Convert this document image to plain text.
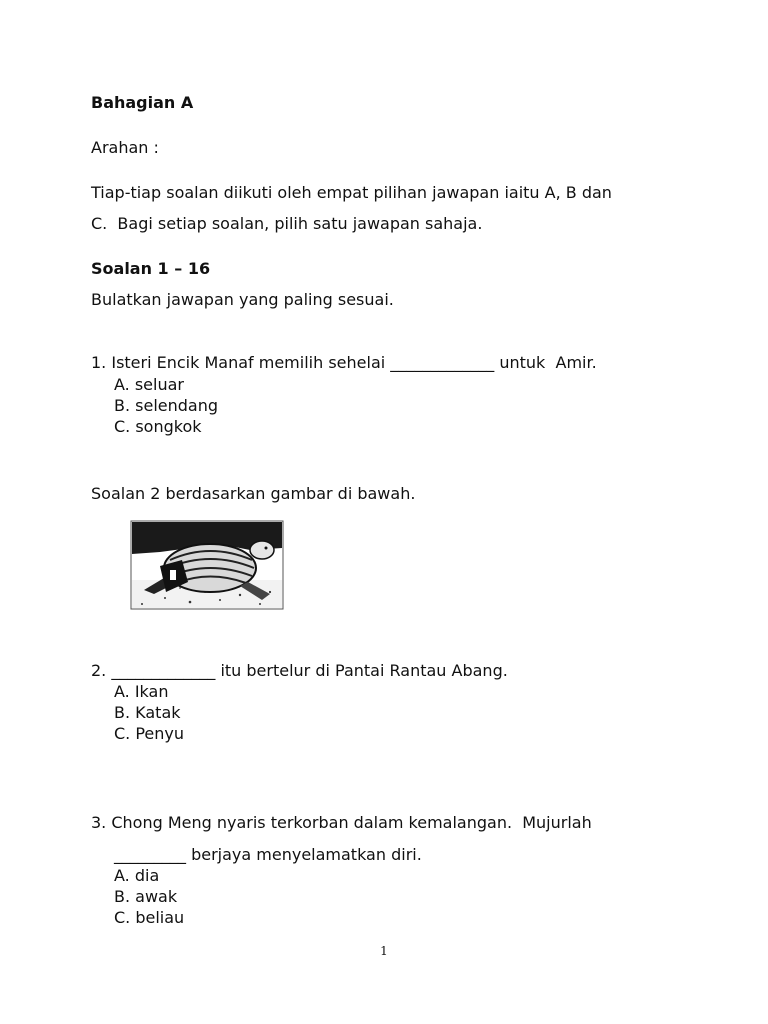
Bahagian A
Arahan :
Tiap-tiap soalan diikuti oleh empat pilihan jawapan iaitu A, B dan
C.  Bagi setiap soalan, pilih satu jawapan sahaja.
Soalan 1 – 16
Bulatkan jawapan yang paling sesuai.
1. Isteri Encik Manaf memilih sehelai _____________ untuk  Amir.
A. seluar
B. selendang
C. songkok
Soalan 2 berdasarkan gambar di bawah.
2. _____________ itu bertelur di Pantai Rantau Abang.
A. Ikan
B. Katak
C. Penyu
3. Chong Meng nyaris terkorban dalam kemalangan.  Mujurlah
_________ berjaya menyelamatkan diri.
A. dia
B. awak
C. beliau
1
